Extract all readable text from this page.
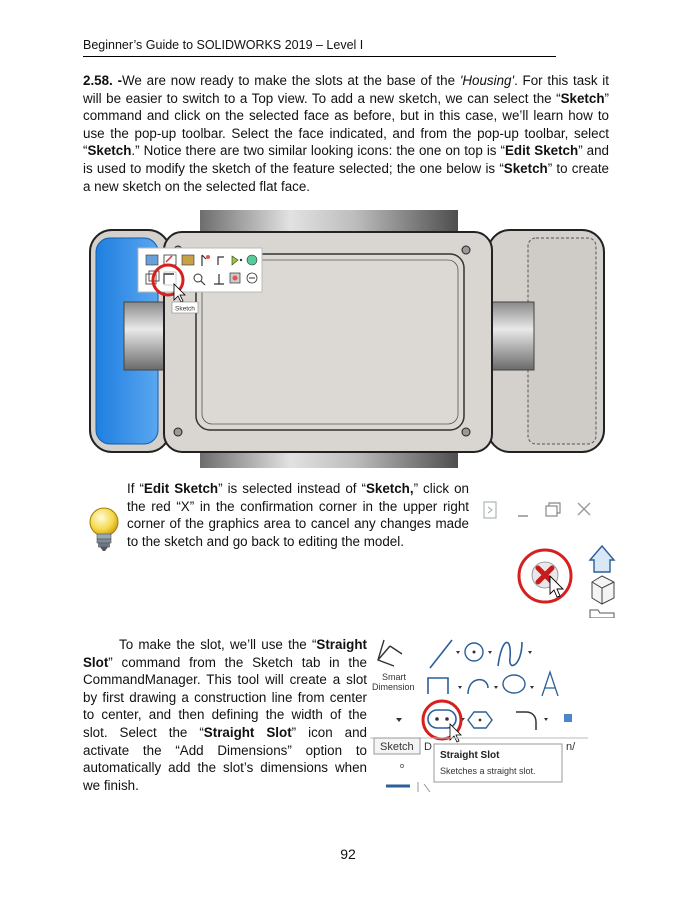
Beginner’s Guide to SOLIDWORKS 2019 – Level I
2.58. -We are now ready to make the slots at the base of the 'Housing'. For this task it will be easier to switch to a Top view. To add a new sketch, we can select the “Sketch” command and click on the selected face as before, but in this case, we’ll learn how to use the pop-up toolbar. Select the face indicated, and from the pop-up toolbar, select “Sketch.” Notice there are two similar looking icons: the one on top is “Edit Sketch” and is used to modify the sketch of the feature selected; the one below is “Sketch” to create a new sketch on the selected flat face.
Sketch
If “Edit Sketch” is selected instead of “Sketch,” click on the red “X” in the confirmation corner in the upper right corner of the graphics area to cancel any changes made to the sketch and go back to editing the model.
To make the slot, we’ll use the “Straight Slot” command from the Sketch tab in the CommandManager. This tool will create a slot by first drawing a construction line from center to center, and then defining the width of the slot. Select the “Straight Slot” icon and activate the “Add Dimensions” option to automatically add the slot’s dimensions when we finish.
Smart
Dimension
Sketch D	n/
Straight Slot
Sketches a straight slot.
92
